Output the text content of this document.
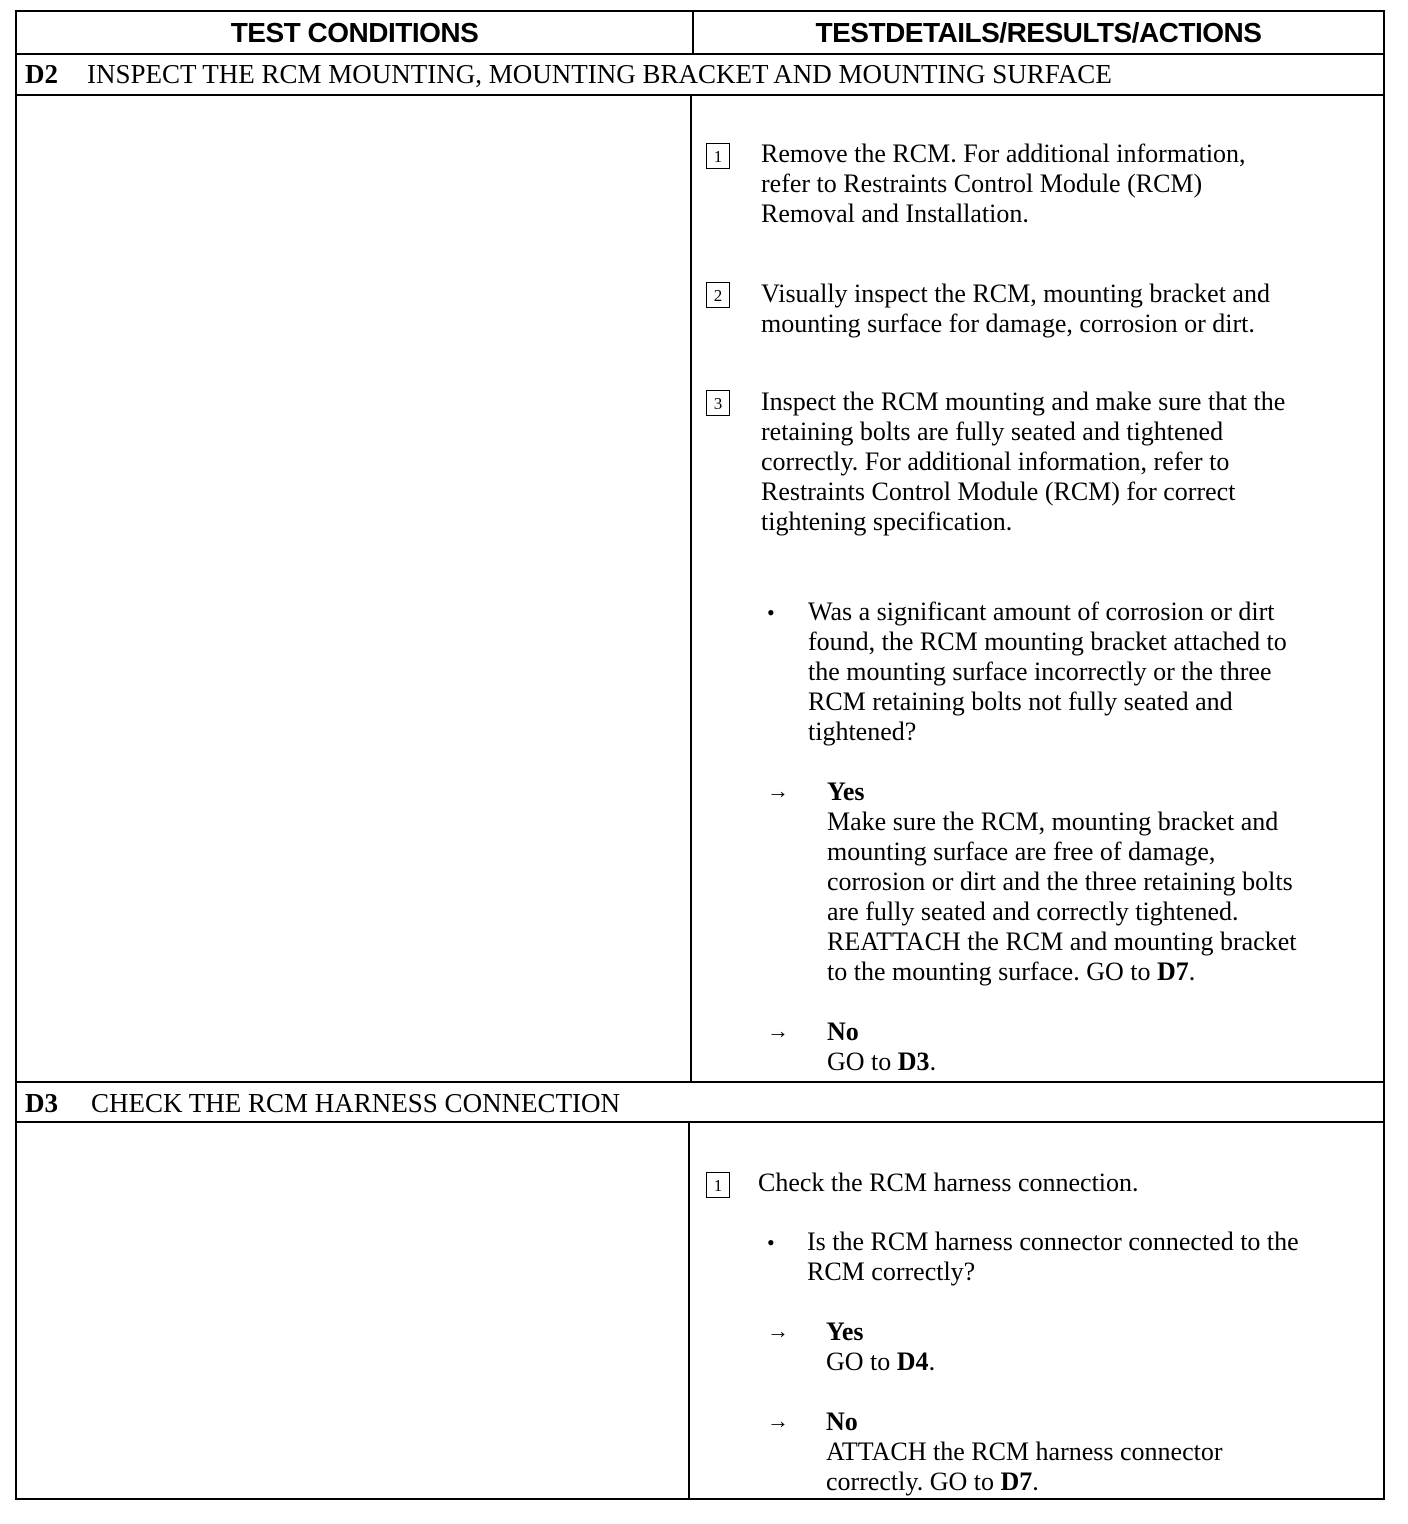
TEST CONDITIONS	TESTDETAILS/RESULTS/ACTIONS
D2 INSPECT THE RCM MOUNTING, MOUNTING BRACKET AND MOUNTING SURFACE
1 Remove the RCM. For additional information,
refer to Restraints Control Module (RCM)
Removal and Installation.
2 Visually inspect the RCM, mounting bracket and
mounting surface for damage, corrosion or dirt.
3 Inspect the RCM mounting and make sure that the
retaining bolts are fully seated and tightened
correctly. For additional information, refer to
Restraints Control Module (RCM) for correct
tightening specification.
• Was a significant amount of corrosion or dirt
found, the RCM mounting bracket attached to
the mounting surface incorrectly or the three
RCM retaining bolts not fully seated and
tightened?
→ Yes
Make sure the RCM, mounting bracket and
mounting surface are free of damage,
corrosion or dirt and the three retaining bolts
are fully seated and correctly tightened.
REATTACH the RCM and mounting bracket
to the mounting surface. GO to D7.
→ No
GO to D3.
D3 CHECK THE RCM HARNESS CONNECTION
1 Check the RCM harness connection.
• Is the RCM harness connector connected to the
RCM correctly?
→ Yes
GO to D4.
→ No
ATTACH the RCM harness connector
correctly. GO to D7.
